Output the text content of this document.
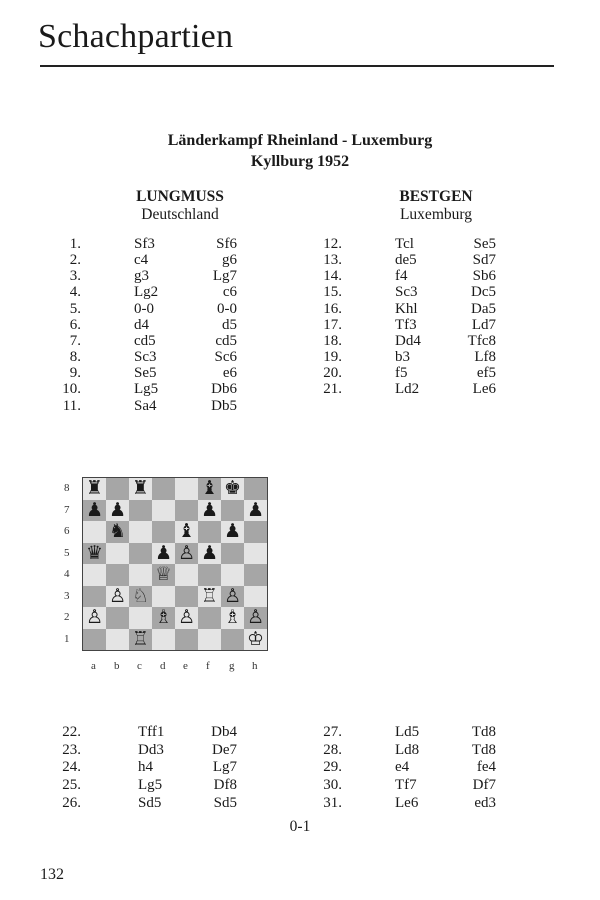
Schachpartien
Länderkampf Rheinland - Luxemburg
Kyllburg 1952
LUNGMUSS
Deutschland
BESTGEN
Luxemburg
1.	Sf3	Sf6
2.	c4	g6
3.	g3	Lg7
4.	Lg2	c6
5.	0-0	0-0
6.	d4	d5
7.	cd5	cd5
8.	Sc3	Sc6
9.	Se5	e6
10.	Lg5	Db6
11.	Sa4	Db5
12.	Tcl	Se5
13.	de5	Sd7
14.	f4	Sb6
15.	Sc3	Dc5
16.	Khl	Da5
17.	Tf3	Ld7
18.	Dd4	Tfc8
19.	b3	Lf8
20.	f5	ef5
21.	Ld2	Le6
22.	Tff1	Db4
23.	Dd3	De7
24.	h4	Lg7
25.	Lg5	Df8
26.	Sd5	Sd5
27.	Ld5	Td8
28.	Ld8	Td8
29.	e4	fe4
30.	Tf7	Df7
31.	Le6	ed3
♜ ♜	♝ ♚
♟ ♟	♟ ♟
♞	♝ ♟
♛	♟ ♙ ♟
♕
♙ ♘	♖ ♙
♙	♗ ♙ ♗ ♙
♖	♔
8
7
6
5
4
3
2
1
a b c d e f g h
0-1
132
